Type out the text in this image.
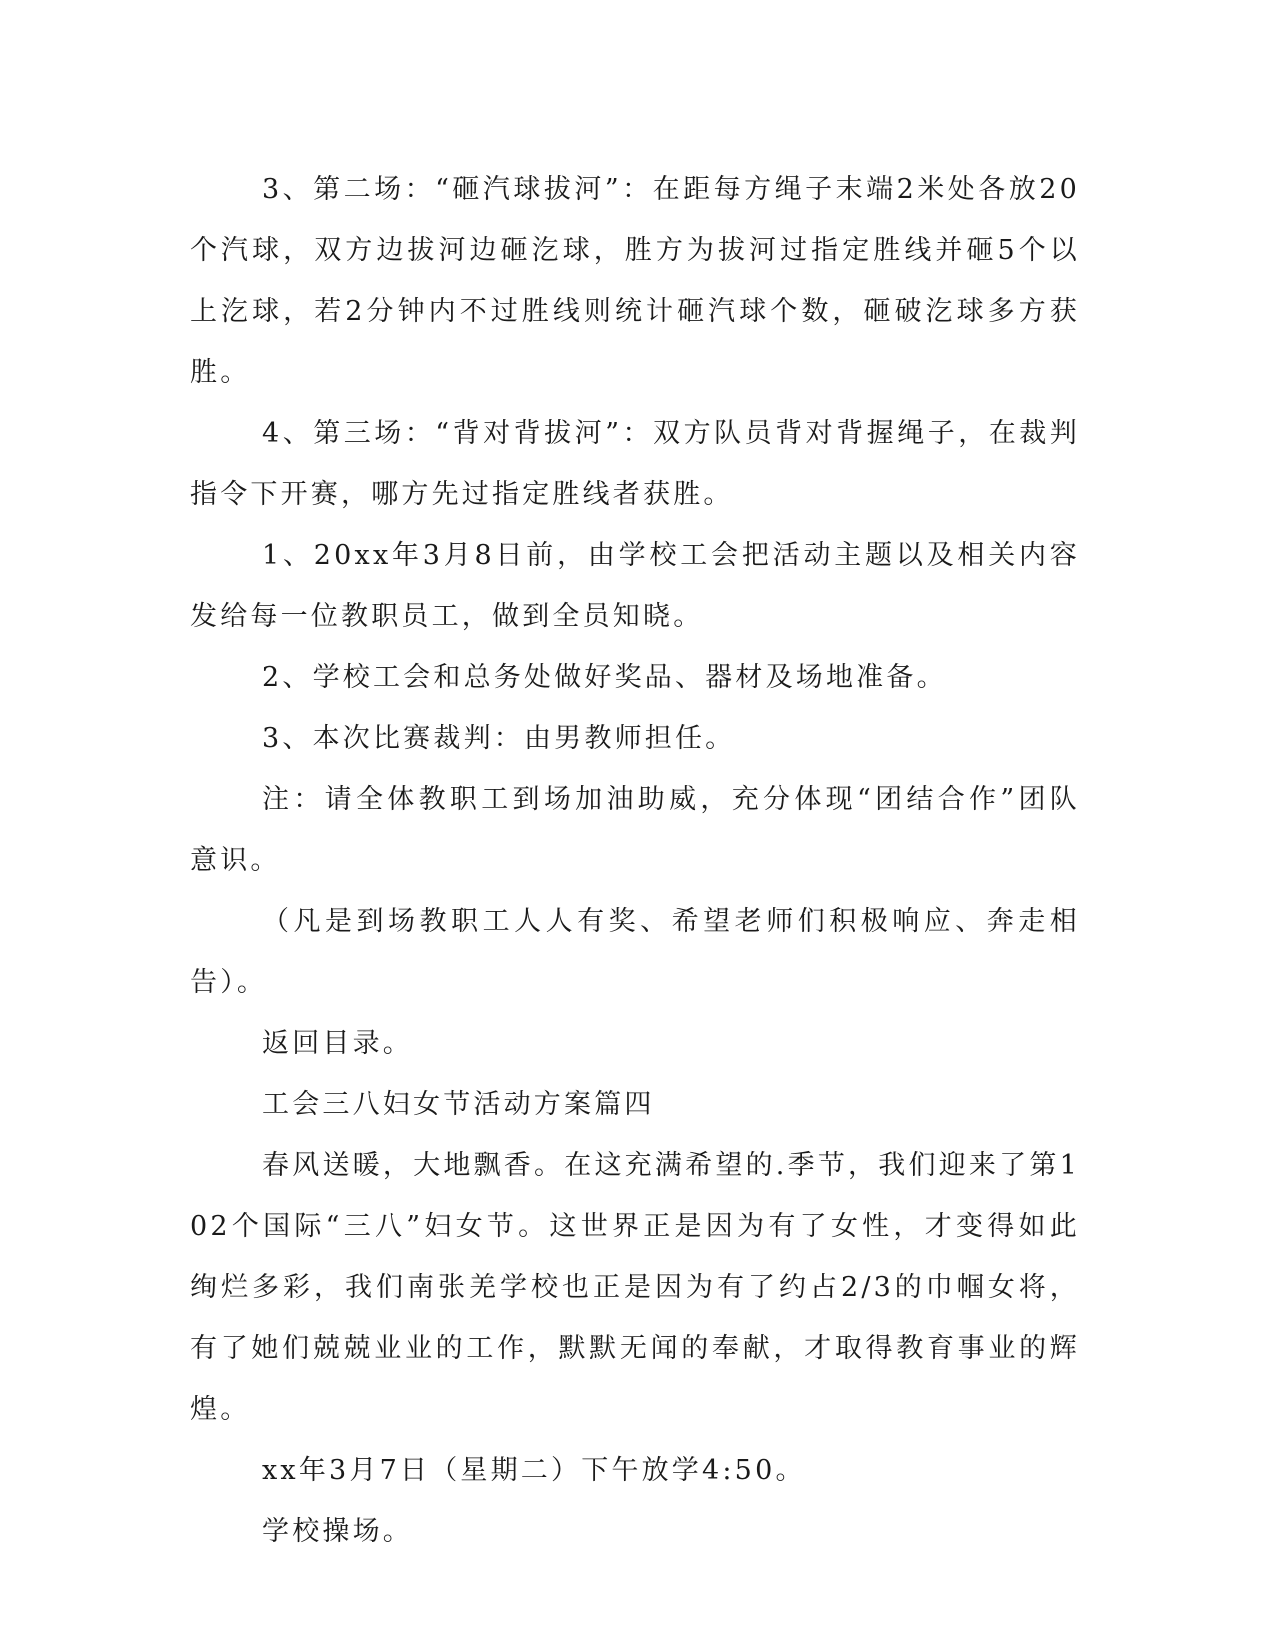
3、第二场：“砸汽球拔河”：在距每方绳子末端2米处各放20个汽球，双方边拔河边砸汔球，胜方为拔河过指定胜线并砸5个以上汔球，若2分钟内不过胜线则统计砸汽球个数，砸破汔球多方获胜。

4、第三场：“背对背拔河”：双方队员背对背握绳子，在裁判指令下开赛，哪方先过指定胜线者获胜。

1、20xx年3月8日前，由学校工会把活动主题以及相关内容发给每一位教职员工，做到全员知晓。

2、学校工会和总务处做好奖品、器材及场地准备。

3、本次比赛裁判：由男教师担任。

注：请全体教职工到场加油助威，充分体现“团结合作”团队意识。

（凡是到场教职工人人有奖、希望老师们积极响应、奔走相告）。

返回目录。

工会三八妇女节活动方案篇四

春风送暖，大地飘香。在这充满希望的.季节，我们迎来了第102个国际“三八”妇女节。这世界正是因为有了女性，才变得如此绚烂多彩，我们南张羌学校也正是因为有了约占2/3的巾帼女将，有了她们兢兢业业的工作，默默无闻的奉献，才取得教育事业的辉煌。

xx年3月7日（星期二）下午放学4:50。

学校操场。
